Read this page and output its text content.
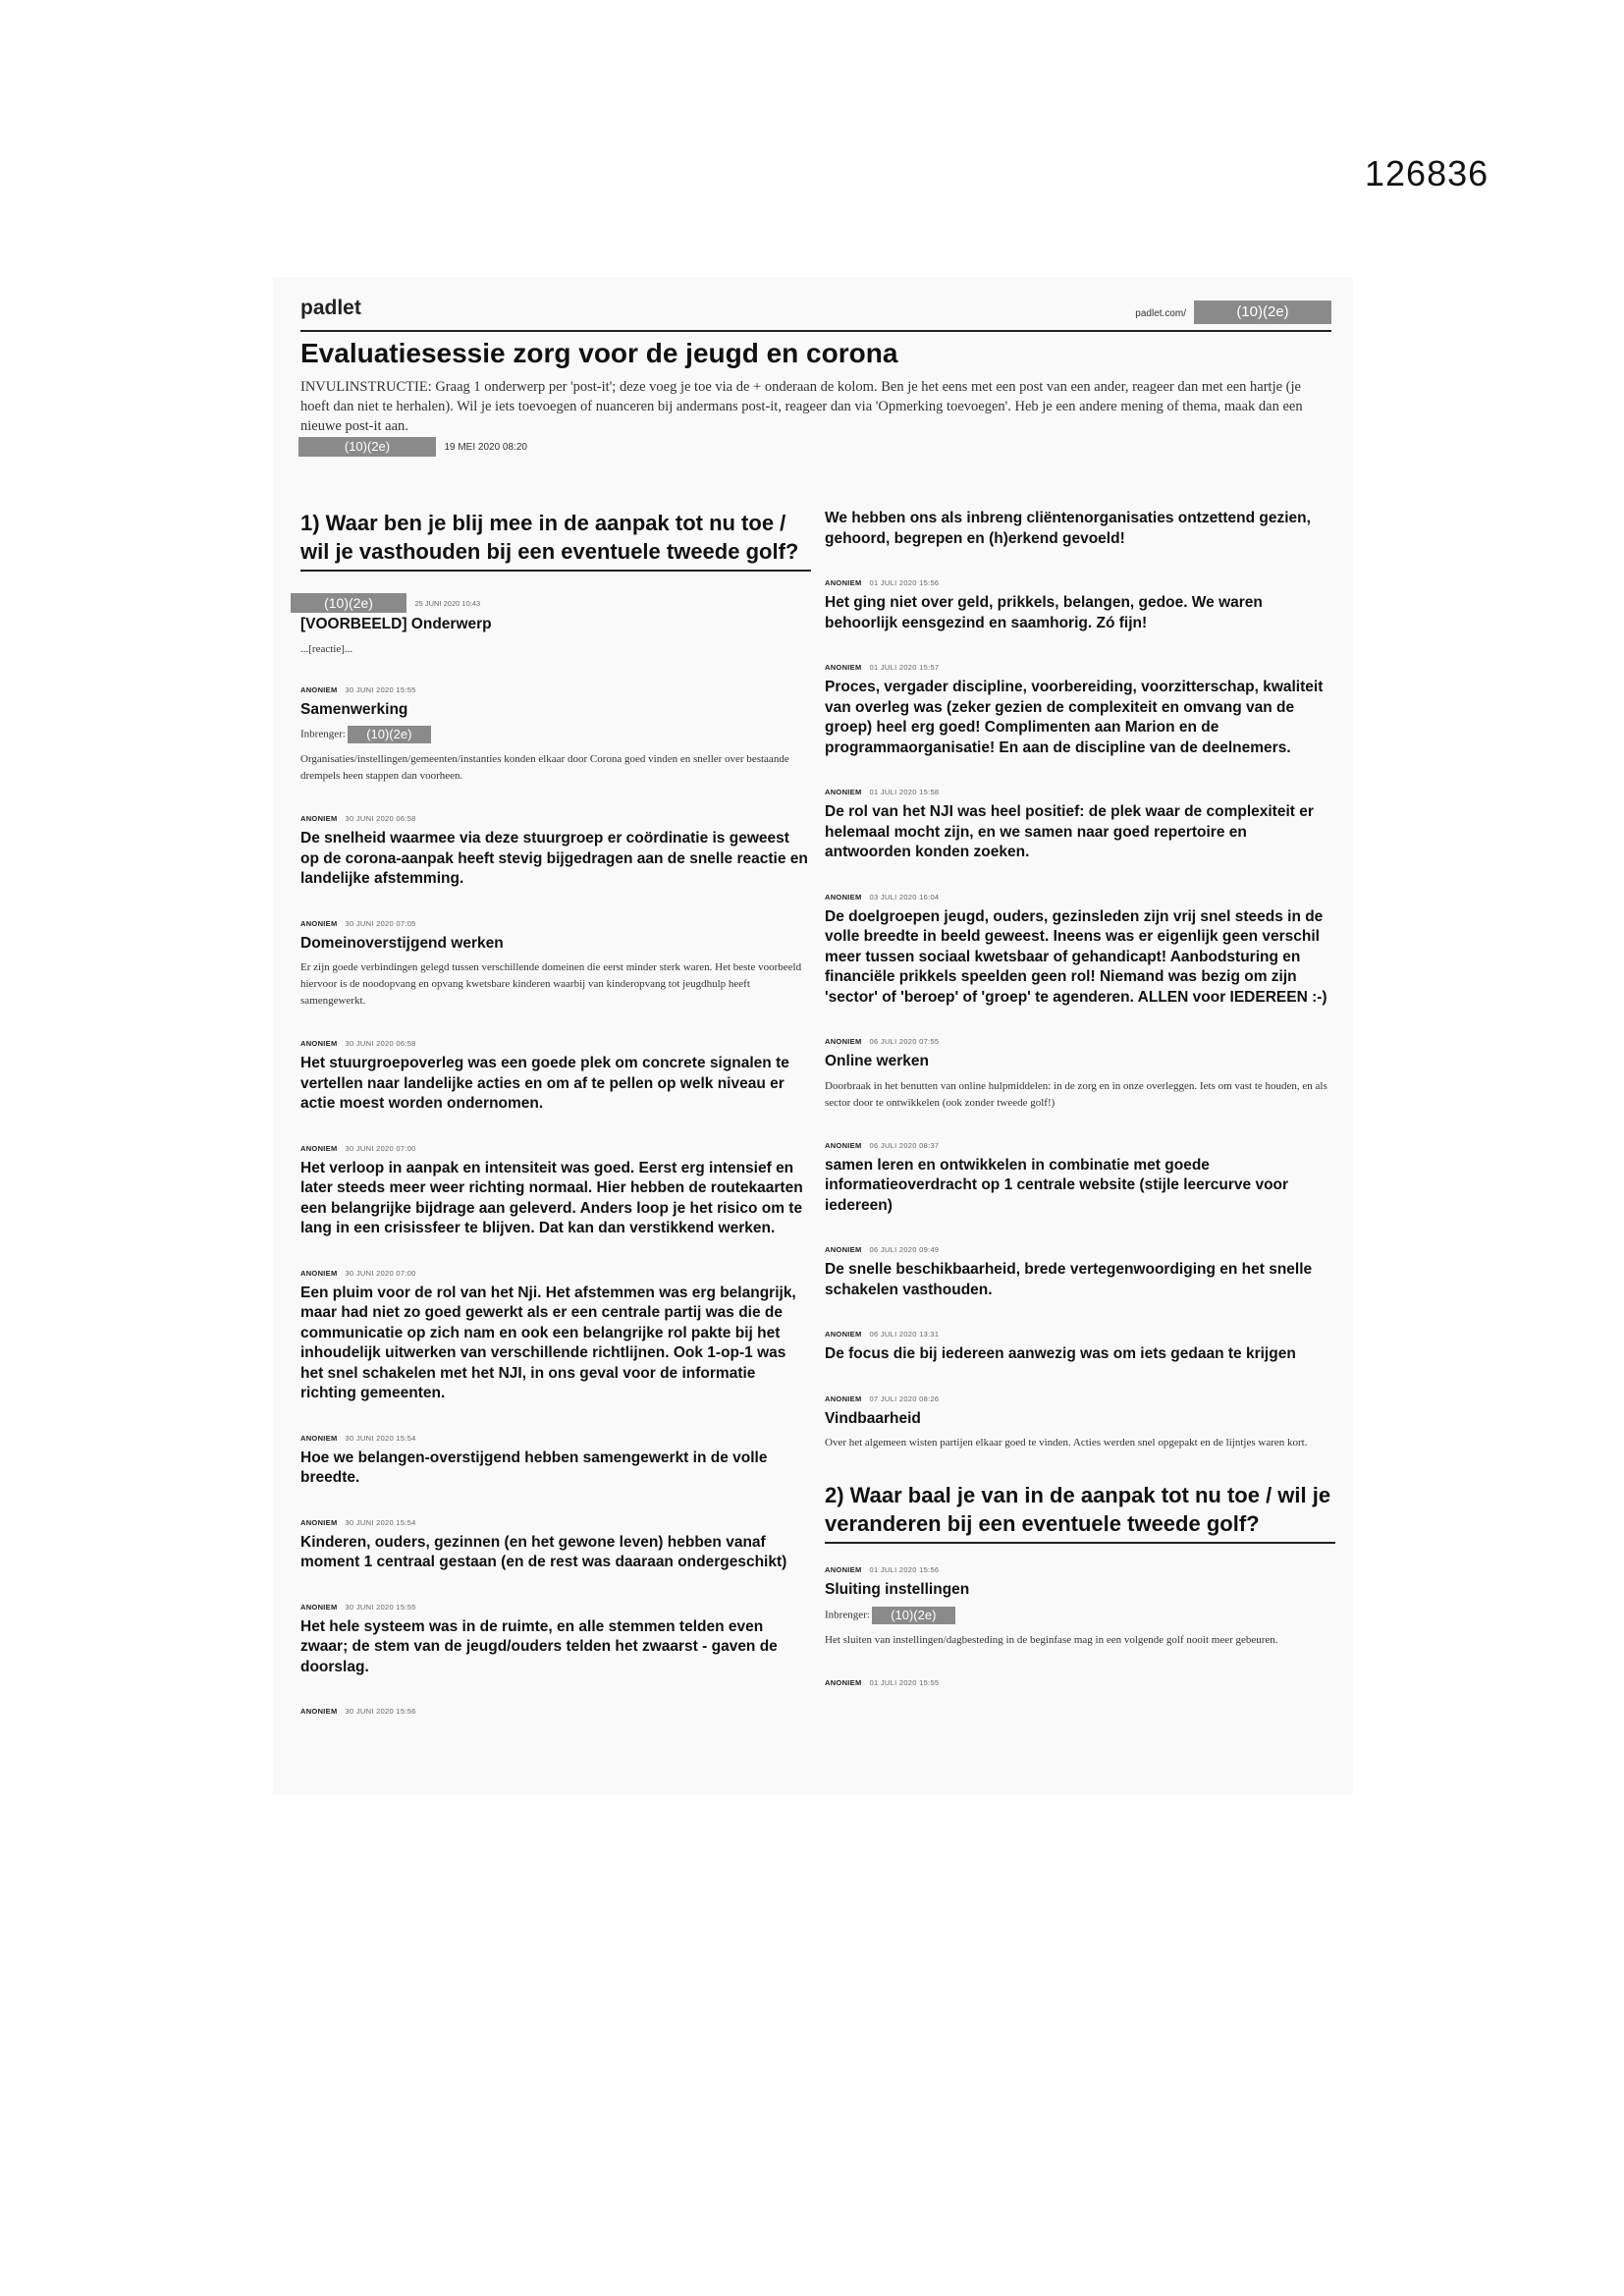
126836
padlet	padlet.com/	(10)(2e)
Evaluatiesessie zorg voor de jeugd en corona
INVULINSTRUCTIE: Graag 1 onderwerp per 'post-it'; deze voeg je toe via de + onderaan de kolom. Ben je het eens met een post van een ander, reageer dan met een hartje (je hoeft dan niet te herhalen). Wil je iets toevoegen of nuanceren bij andermans post-it, reageer dan via 'Opmerking toevoegen'. Heb je een andere mening of thema, maak dan een nieuwe post-it aan.
(10)(2e)	19 MEI 2020 08:20
1) Waar ben je blij mee in de aanpak tot nu toe / wil je vasthouden bij een eventuele tweede golf?
(10)(2e)	25 JUNI 2020 10:43
[VOORBEELD] Onderwerp
...[reactie]...
ANONIEM 30 JUNI 2020 15:55
Samenwerking
Inbrenger: (10)(2e)
Organisaties/instellingen/gemeenten/instanties konden elkaar door Corona goed vinden en sneller over bestaande drempels heen stappen dan voorheen.
ANONIEM 30 JUNI 2020 06:58
De snelheid waarmee via deze stuurgroep er coördinatie is geweest op de corona-aanpak heeft stevig bijgedragen aan de snelle reactie en landelijke afstemming.
ANONIEM 30 JUNI 2020 07:05
Domeinoverstijgend werken
Er zijn goede verbindingen gelegd tussen verschillende domeinen die eerst minder sterk waren. Het beste voorbeeld hiervoor is de noodopvang en opvang kwetsbare kinderen waarbij van kinderopvang tot jeugdhulp heeft samengewerkt.
ANONIEM 30 JUNI 2020 06:58
Het stuurgroepoverleg was een goede plek om concrete signalen te vertellen naar landelijke acties en om af te pellen op welk niveau er actie moest worden ondernomen.
ANONIEM 30 JUNI 2020 07:00
Het verloop in aanpak en intensiteit was goed. Eerst erg intensief en later steeds meer weer richting normaal. Hier hebben de routekaarten een belangrijke bijdrage aan geleverd. Anders loop je het risico om te lang in een crisissfeer te blijven. Dat kan dan verstikkend werken.
ANONIEM 30 JUNI 2020 07:00
Een pluim voor de rol van het Nji. Het afstemmen was erg belangrijk, maar had niet zo goed gewerkt als er een centrale partij was die de communicatie op zich nam en ook een belangrijke rol pakte bij het inhoudelijk uitwerken van verschillende richtlijnen. Ook 1-op-1 was het snel schakelen met het NJI, in ons geval voor de informatie richting gemeenten.
ANONIEM 30 JUNI 2020 15:54
Hoe we belangen-overstijgend hebben samengewerkt in de volle breedte.
ANONIEM 30 JUNI 2020 15:54
Kinderen, ouders, gezinnen (en het gewone leven) hebben vanaf moment 1 centraal gestaan (en de rest was daaraan ondergeschikt)
ANONIEM 30 JUNI 2020 15:55
Het hele systeem was in de ruimte, en alle stemmen telden even zwaar; de stem van de jeugd/ouders telden het zwaarst - gaven de doorslag.
ANONIEM 30 JUNI 2020 15:56
We hebben ons als inbreng cliëntenorganisaties ontzettend gezien, gehoord, begrepen en (h)erkend gevoeld!
ANONIEM 01 JULI 2020 15:56
Het ging niet over geld, prikkels, belangen, gedoe. We waren behoorlijk eensgezind en saamhorig. Zó fijn!
ANONIEM 01 JULI 2020 15:57
Proces, vergader discipline, voorbereiding, voorzitterschap, kwaliteit van overleg was (zeker gezien de complexiteit en omvang van de groep) heel erg goed! Complimenten aan Marion en de programmaorganisatie! En aan de discipline van de deelnemers.
ANONIEM 01 JULI 2020 15:58
De rol van het NJI was heel positief: de plek waar de complexiteit er helemaal mocht zijn, en we samen naar goed repertoire en antwoorden konden zoeken.
ANONIEM 03 JULI 2020 16:04
De doelgroepen jeugd, ouders, gezinsleden zijn vrij snel steeds in de volle breedte in beeld geweest. Ineens was er eigenlijk geen verschil meer tussen sociaal kwetsbaar of gehandicapt! Aanbodsturing en financiële prikkels speelden geen rol! Niemand was bezig om zijn 'sector' of 'beroep' of 'groep' te agenderen. ALLEN voor IEDEREEN :-)
ANONIEM 06 JULI 2020 07:55
Online werken
Doorbraak in het benutten van online hulpmiddelen: in de zorg en in onze overleggen. Iets om vast te houden, en als sector door te ontwikkelen (ook zonder tweede golf!)
ANONIEM 06 JULI 2020 08:37
samen leren en ontwikkelen in combinatie met goede informatieoverdracht op 1 centrale website (stijle leercurve voor iedereen)
ANONIEM 06 JULI 2020 09:49
De snelle beschikbaarheid, brede vertegenwoordiging en het snelle schakelen vasthouden.
ANONIEM 06 JULI 2020 13:31
De focus die bij iedereen aanwezig was om iets gedaan te krijgen
ANONIEM 07 JULI 2020 08:26
Vindbaarheid
Over het algemeen wisten partijen elkaar goed te vinden. Acties werden snel opgepakt en de lijntjes waren kort.
2) Waar baal je van in de aanpak tot nu toe / wil je veranderen bij een eventuele tweede golf?
ANONIEM 01 JULI 2020 15:56
Sluiting instellingen
Inbrenger: (10)(2e)
Het sluiten van instellingen/dagbesteding in de beginfase mag in een volgende golf nooit meer gebeuren.
ANONIEM 01 JULI 2020 15:55
